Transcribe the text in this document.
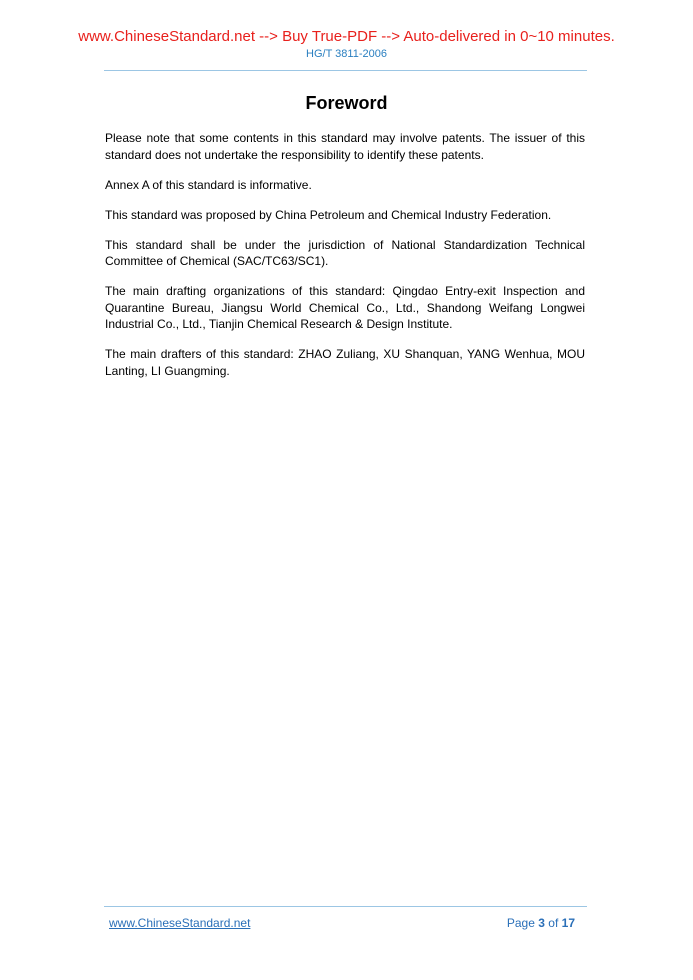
www.ChineseStandard.net --> Buy True-PDF --> Auto-delivered in 0~10 minutes.
HG/T 3811-2006
Foreword

Please note that some contents in this standard may involve patents. The issuer of this standard does not undertake the responsibility to identify these patents.

Annex A of this standard is informative.

This standard was proposed by China Petroleum and Chemical Industry Federation.

This standard shall be under the jurisdiction of National Standardization Technical Committee of Chemical (SAC/TC63/SC1).

The main drafting organizations of this standard: Qingdao Entry-exit Inspection and Quarantine Bureau, Jiangsu World Chemical Co., Ltd., Shandong Weifang Longwei Industrial Co., Ltd., Tianjin Chemical Research & Design Institute.

The main drafters of this standard: ZHAO Zuliang, XU Shanquan, YANG Wenhua, MOU Lanting, LI Guangming.

www.ChineseStandard.net	Page 3 of 17
